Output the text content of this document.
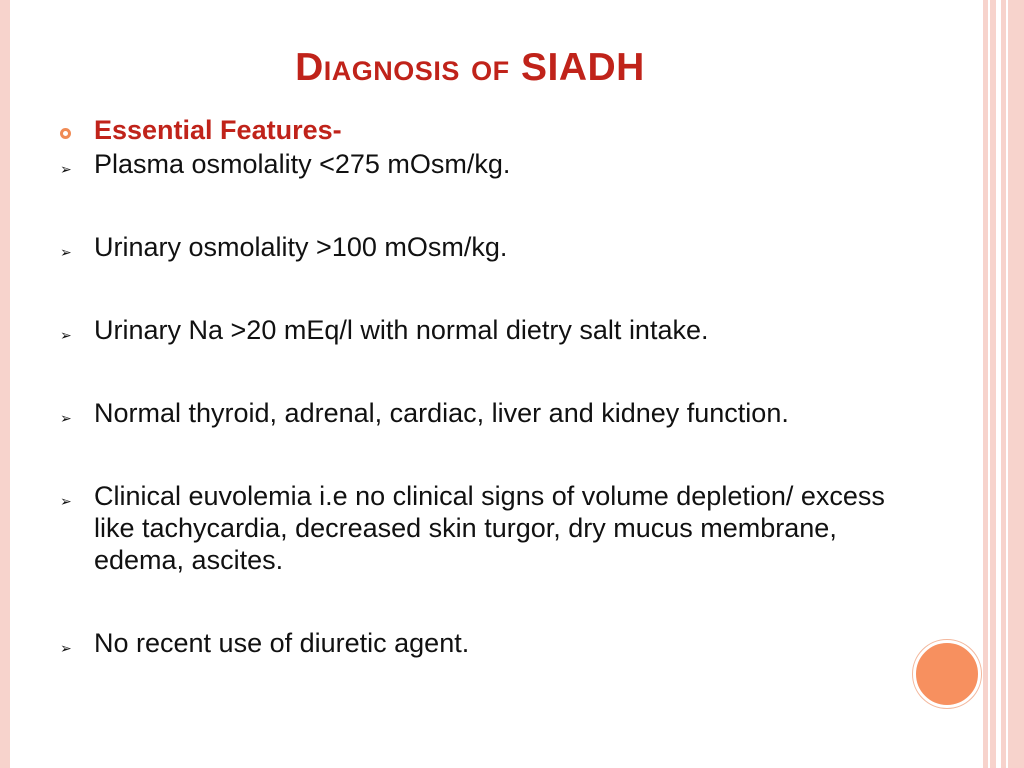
Diagnosis of SIADH
Essential Features-
➢ Plasma osmolality <275 mOsm/kg.
➢ Urinary osmolality >100 mOsm/kg.
➢ Urinary Na >20 mEq/l with normal dietry salt intake.
➢ Normal thyroid, adrenal, cardiac, liver and kidney function.
➢ Clinical euvolemia i.e no clinical signs of volume depletion/ excess like tachycardia, decreased skin turgor, dry mucus membrane, edema, ascites.
➢ No recent use of diuretic agent.
